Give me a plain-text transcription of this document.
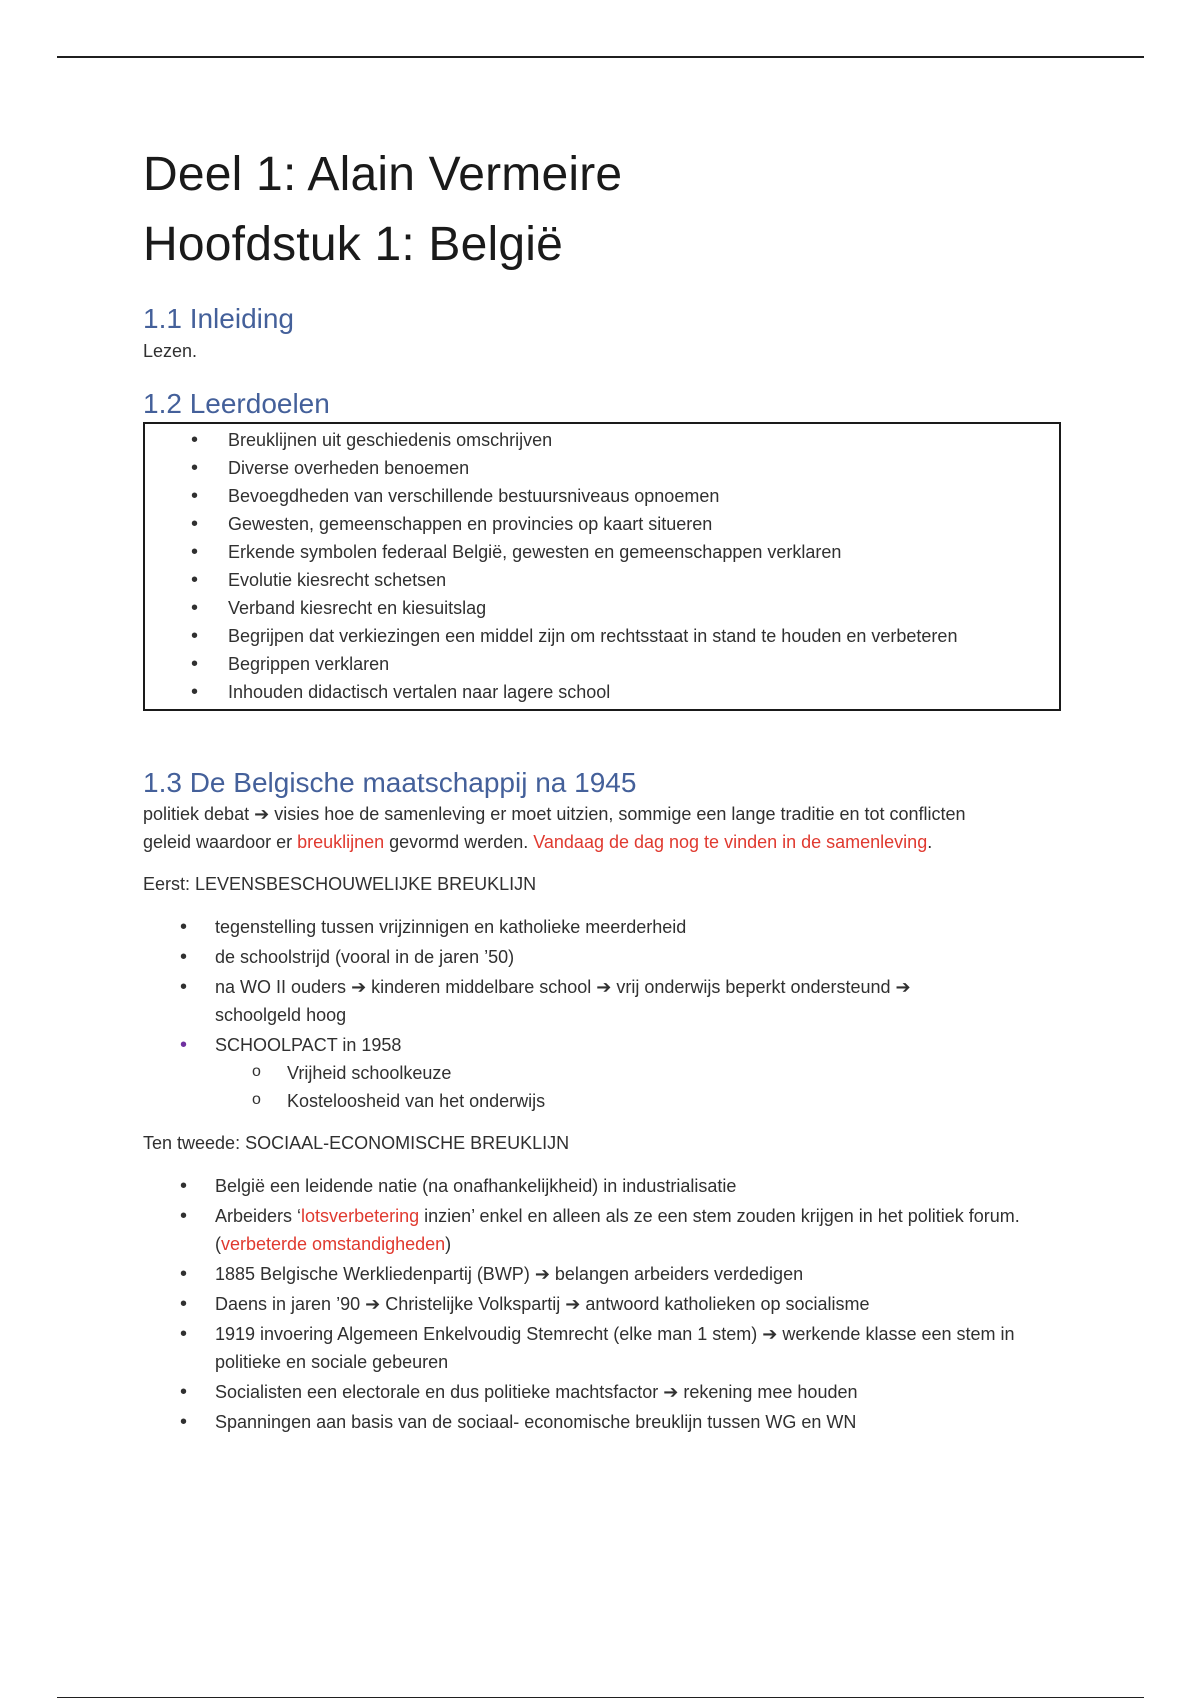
Deel 1: Alain Vermeire
Hoofdstuk 1: België
1.1 Inleiding

Lezen.

1.2 Leerdoelen
• Breuklijnen uit geschiedenis omschrijven
• Diverse overheden benoemen
• Bevoegdheden van verschillende bestuursniveaus opnoemen
• Gewesten, gemeenschappen en provincies op kaart situeren
• Erkende symbolen federaal België, gewesten en gemeenschappen verklaren
• Evolutie kiesrecht schetsen
• Verband kiesrecht en kiesuitslag
• Begrijpen dat verkiezingen een middel zijn om rechtsstaat in stand te houden en verbeteren
• Begrippen verklaren
• Inhouden didactisch vertalen naar lagere school
1.3 De Belgische maatschappij na 1945

politiek debat ➔ visies hoe de samenleving er moet uitzien, sommige een lange traditie en tot conflicten geleid waardoor er breuklijnen gevormd werden. Vandaag de dag nog te vinden in de samenleving.

Eerst: LEVENSBESCHOUWELIJKE BREUKLIJN

• tegenstelling tussen vrijzinnigen en katholieke meerderheid
• de schoolstrijd (vooral in de jaren ’50)
• na WO II ouders ➔ kinderen middelbare school ➔ vrij onderwijs beperkt ondersteund ➔ schoolgeld hoog
• SCHOOLPACT in 1958
o Vrijheid schoolkeuze
o Kosteloosheid van het onderwijs

Ten tweede: SOCIAAL-ECONOMISCHE BREUKLIJN

• België een leidende natie (na onafhankelijkheid) in industrialisatie
• Arbeiders ‘lotsverbetering inzien’ enkel en alleen als ze een stem zouden krijgen in het politiek forum. (verbeterde omstandigheden)
• 1885 Belgische Werkliedenpartij (BWP) ➔ belangen arbeiders verdedigen
• Daens in jaren ’90 ➔ Christelijke Volkspartij ➔ antwoord katholieken op socialisme
• 1919 invoering Algemeen Enkelvoudig Stemrecht (elke man 1 stem) ➔ werkende klasse een stem in politieke en sociale gebeuren
• Socialisten een electorale en dus politieke machtsfactor ➔ rekening mee houden
• Spanningen aan basis van de sociaal- economische breuklijn tussen WG en WN
